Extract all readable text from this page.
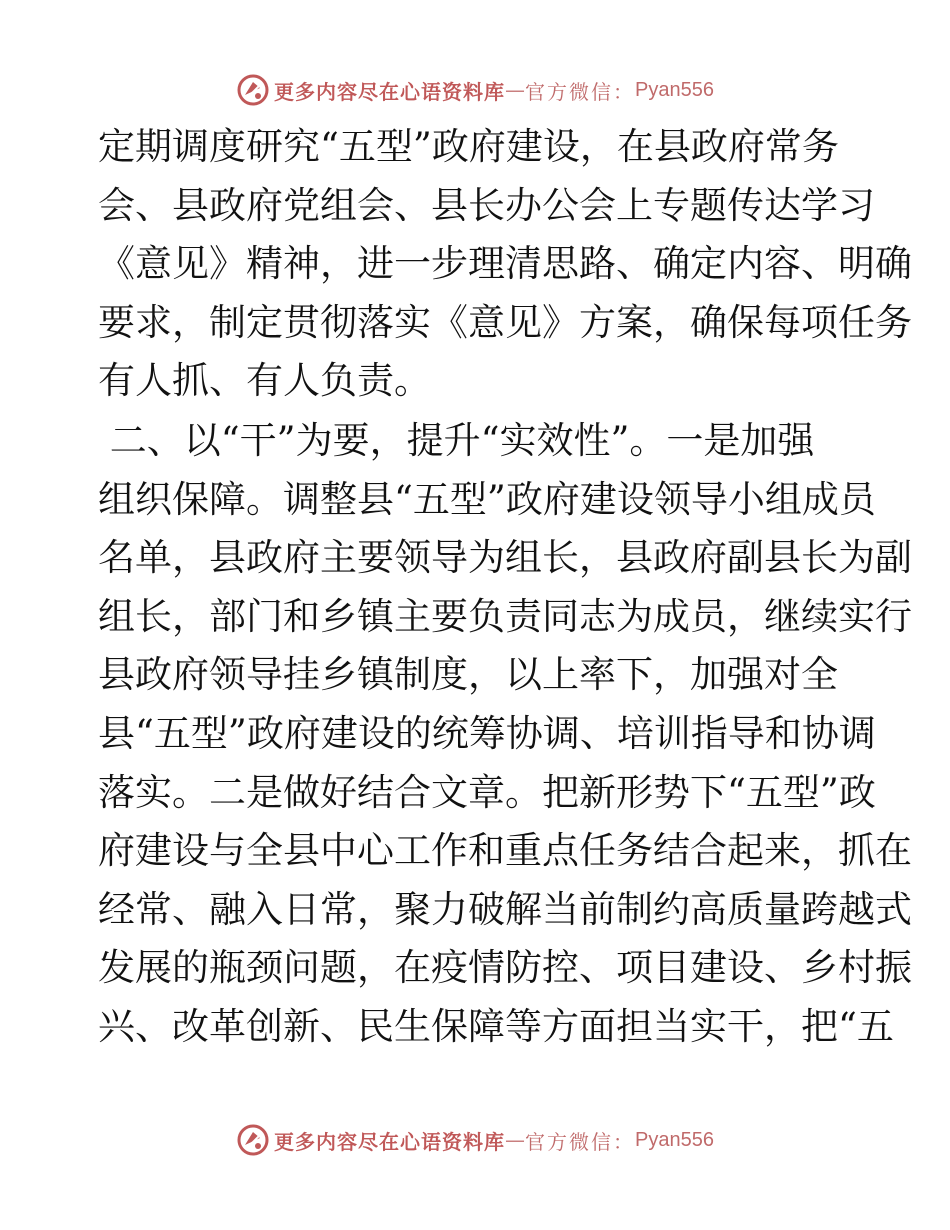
更多内容尽在心语资料库 — 官方微信： Pyan556
定期调度研究“五型”政府建设，在县政府常务
会、县政府党组会、县长办公会上专题传达学习
《意见》精神，进一步理清思路、确定内容、明确
要求，制定贯彻落实《意见》方案，确保每项任务
有人抓、有人负责。
二、以“干”为要，提升“实效性”。一是加强
组织保障。调整县“五型”政府建设领导小组成员
名单，县政府主要领导为组长，县政府副县长为副
组长，部门和乡镇主要负责同志为成员，继续实行
县政府领导挂乡镇制度，以上率下，加强对全
县“五型”政府建设的统筹协调、培训指导和协调
落实。二是做好结合文章。把新形势下“五型”政
府建设与全县中心工作和重点任务结合起来，抓在
经常、融入日常，聚力破解当前制约高质量跨越式
发展的瓶颈问题，在疫情防控、项目建设、乡村振
兴、改革创新、民生保障等方面担当实干，把“五
更多内容尽在心语资料库 — 官方微信： Pyan556
